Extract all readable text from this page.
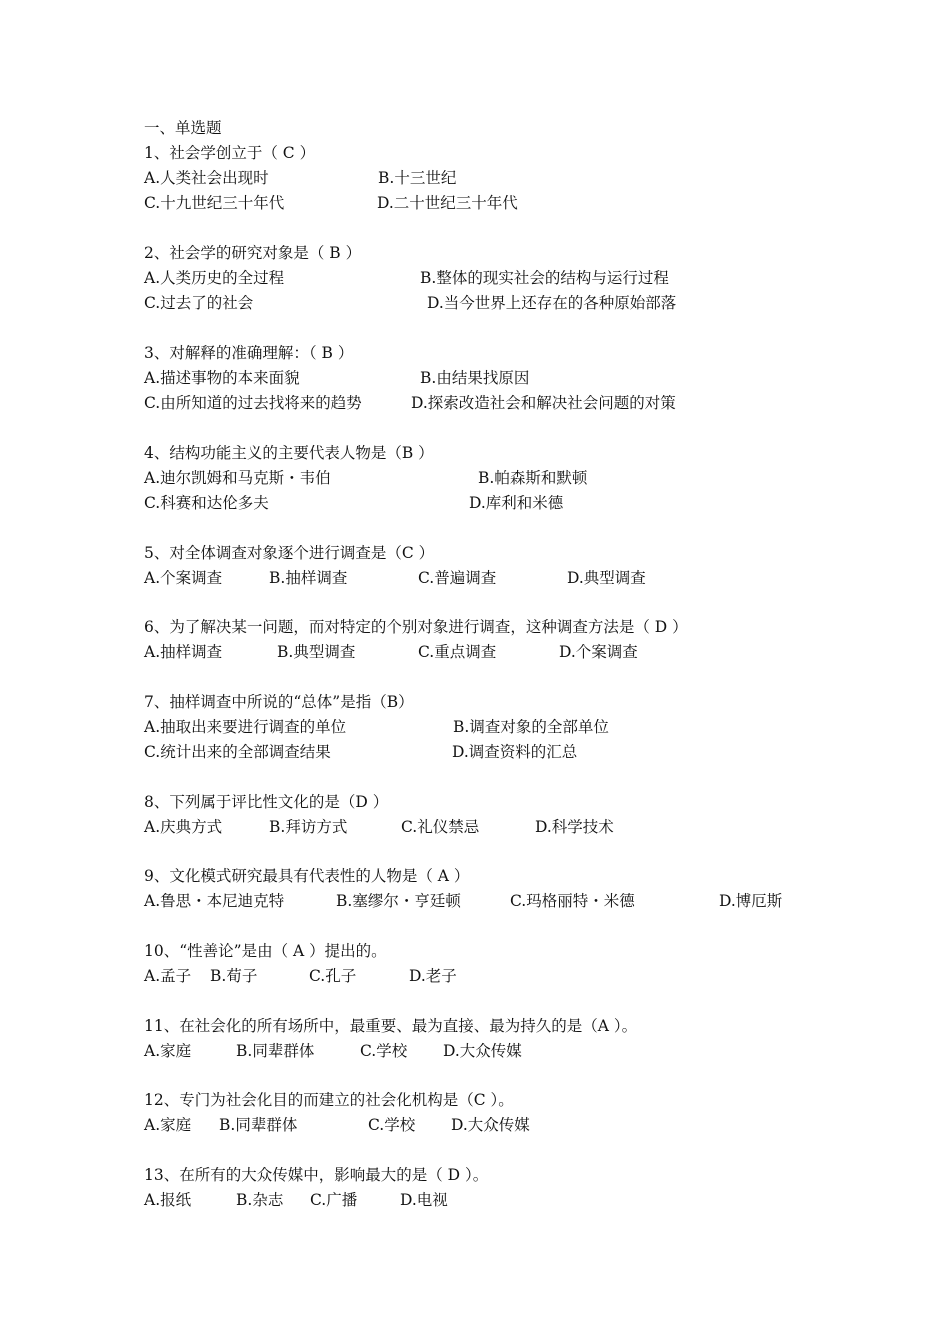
一、单选题
1、社会学创立于（ C ）
A.人类社会出现时	B.十三世纪
C.十九世纪三十年代	D.二十世纪三十年代
2、社会学的研究对象是（ B ）
A.人类历史的全过程	B.整体的现实社会的结构与运行过程
C.过去了的社会	D.当今世界上还存在的各种原始部落
3、对解释的准确理解：（ B ）
A.描述事物的本来面貌	B.由结果找原因
C.由所知道的过去找将来的趋势	D.探索改造社会和解决社会问题的对策
4、结构功能主义的主要代表人物是（B ）
A.迪尔凯姆和马克斯・韦伯	B.帕森斯和默顿
C.科赛和达伦多夫	D.库利和米德
5、对全体调查对象逐个进行调查是（C ）
A.个案调查	B.抽样调查	C.普遍调查	D.典型调查
6、为了解决某一问题，而对特定的个别对象进行调查，这种调查方法是（ D ）
A.抽样调查	B.典型调查	C.重点调查	D.个案调查
7、抽样调查中所说的“总体”是指（B）
A.抽取出来要进行调查的单位	B.调查对象的全部单位
C.统计出来的全部调查结果	D.调查资料的汇总
8、下列属于评比性文化的是（D ）
A.庆典方式	B.拜访方式	C.礼仪禁忌	D.科学技术
9、文化模式研究最具有代表性的人物是（ A ）
A.鲁思・本尼迪克特	B.塞缪尔・亨廷顿	C.玛格丽特・米德	D.博厄斯
10、“性善论”是由（ A ）提出的。
A.孟子 B.荀子	C.孔子	D.老子
11、在社会化的所有场所中，最重要、最为直接、最为持久的是（A ）。
A.家庭	B.同辈群体	C.学校 D.大众传媒
12、专门为社会化目的而建立的社会化机构是（C ）。
A.家庭 B.同辈群体	C.学校 D.大众传媒
13、在所有的大众传媒中，影响最大的是（ D ）。
A.报纸	B.杂志 C.广播	D.电视
